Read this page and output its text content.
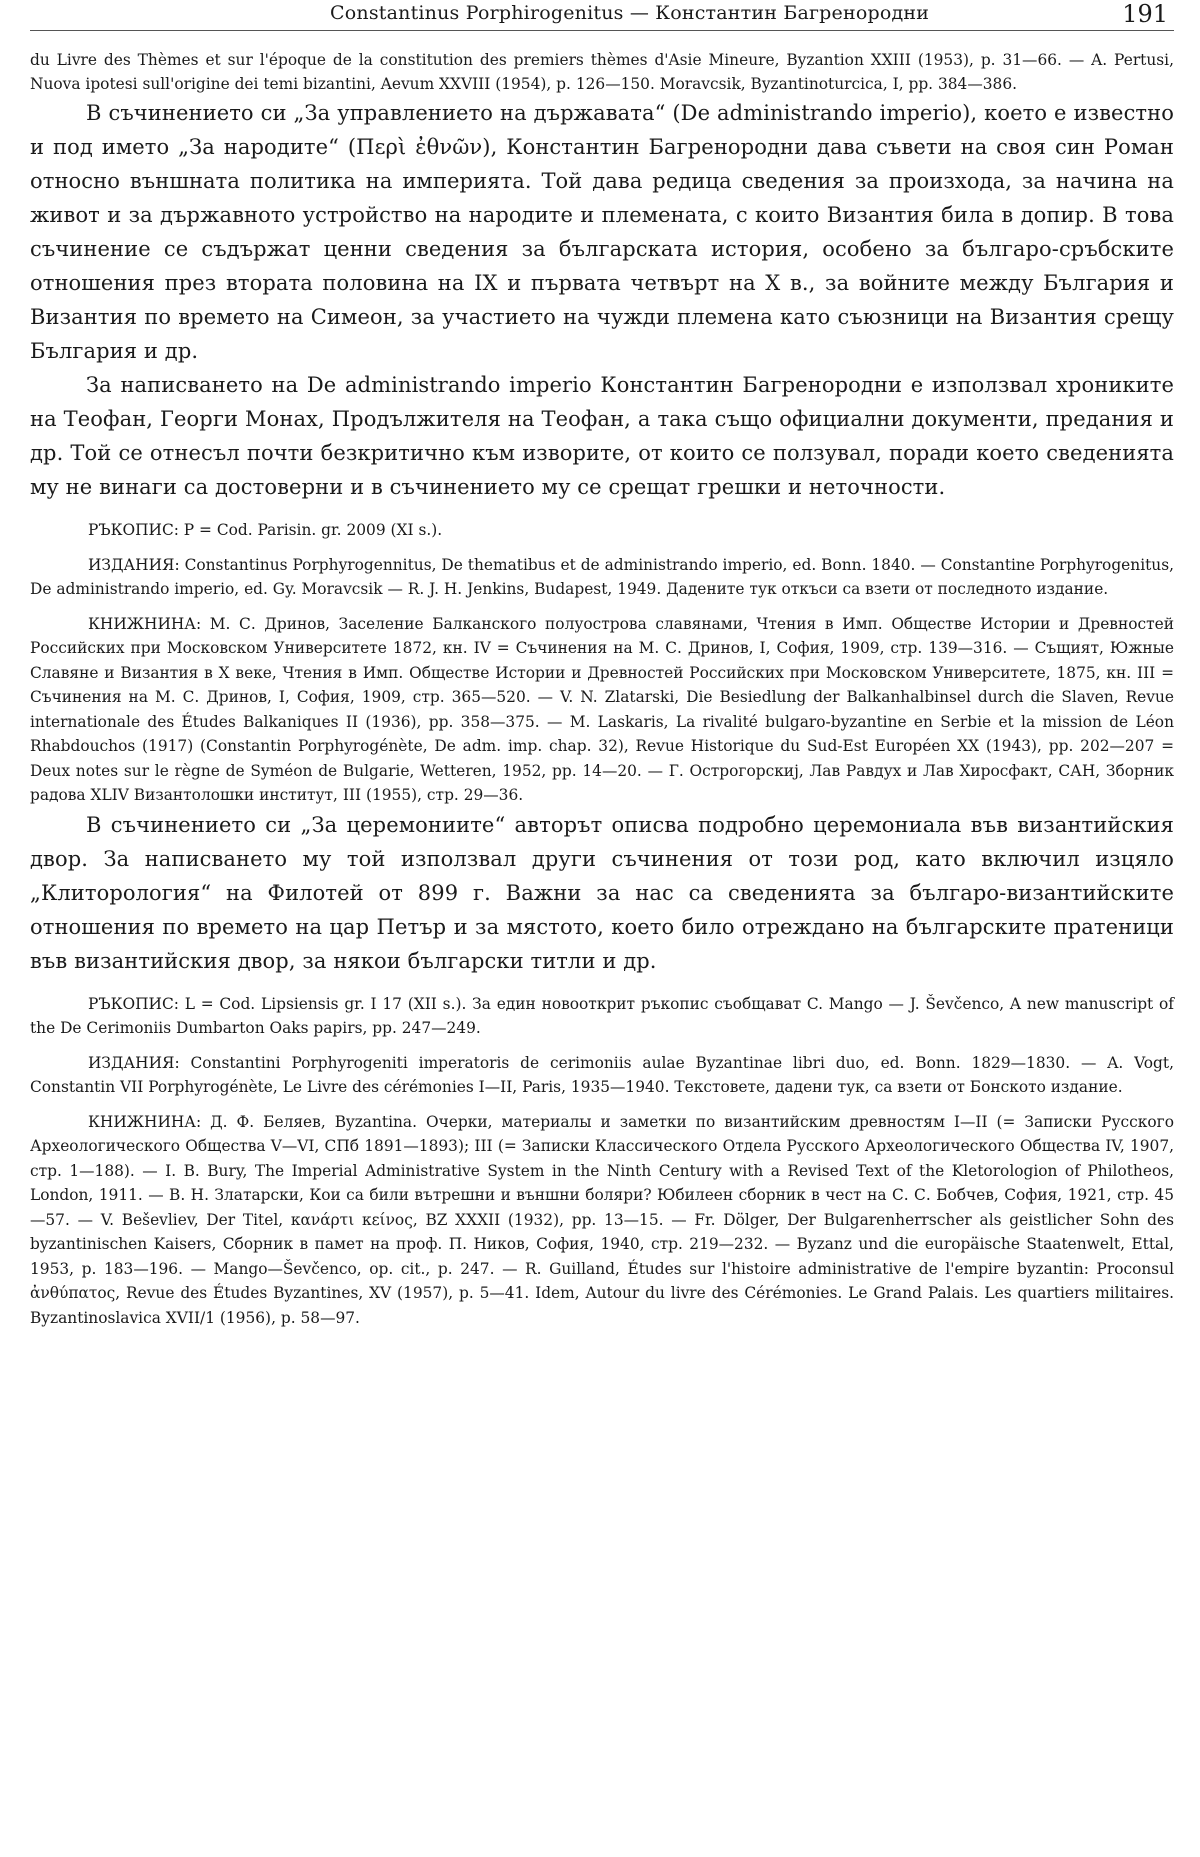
Constantinus Porphirogenitus — Константин Багренородни	191

du Livre des Thèmes et sur l'époque de la constitution des premiers thèmes d'Asie Mineure, Byzantion XXIII (1953), p. 31—66. — A. Pertusi, Nuova ipotesi sull'origine dei temi bizantini, Aevum XXVIII (1954), p. 126—150. Moravcsik, Byzantinoturcica, I, pp. 384—386.

В съчинението си „За управлението на държавата“ (De administrando imperio), което е известно и под името „За народите“ (Περὶ ἐθνῶν), Константин Багренородни дава съвети на своя син Роман относно външната политика на империята. Той дава редица сведения за произхода, за начина на живот и за държавното устройство на народите и племената, с които Византия била в допир. В това съчинение се съдържат ценни сведения за българската история, особено за българо-сръбските отношения през втората половина на IX и първата четвърт на X в., за войните между България и Византия по времето на Симеон, за участието на чужди племена като съюзници на Византия срещу България и др.

За написването на De administrando imperio Константин Багренородни е използвал хрониките на Теофан, Георги Монах, Продължителя на Теофан, а така също официални документи, предания и др. Той се отнесъл почти безкритично към изворите, от които се ползувал, поради което сведенията му не винаги са достоверни и в съчинението му се срещат грешки и неточности.

РЪКОПИС: P = Cod. Parisin. gr. 2009 (XI s.).

ИЗДАНИЯ: Constantinus Porphyrogennitus, De thematibus et de administrando imperio, ed. Bonn. 1840. — Constantine Porphyrogenitus, De administrando imperio, ed. Gy. Moravcsik — R. J. H. Jenkins, Budapest, 1949. Дадените тук откъси са взети от последното издание.

КНИЖНИНА: М. С. Дринов, Заселение Балканского полуострова славянами, Чтения в Имп. Обществе Истории и Древностей Российских при Московском Университете 1872, кн. IV = Съчинения на М. С. Дринов, I, София, 1909, стр. 139—316. — Същият, Южные Славяне и Византия в X веке, Чтения в Имп. Обществе Истории и Древностей Российских при Московском Университете, 1875, кн. III = Съчинения на М. С. Дринов, I, София, 1909, стр. 365—520. — V. N. Zlatarski, Die Besiedlung der Balkanhalbinsel durch die Slaven, Revue internationale des Études Balkaniques II (1936), pp. 358—375. — M. Laskaris, La rivalité bulgaro-byzantine en Serbie et la mission de Léon Rhabdouchos (1917) (Constantin Porphyrogénète, De adm. imp. chap. 32), Revue Historique du Sud-Est Européen XX (1943), pp. 202—207 = Deux notes sur le règne de Syméon de Bulgarie, Wetteren, 1952, pp. 14—20. — Г. Острогорскиј, Лав Равдух и Лав Хиросфакт, САН, Зборник радова XLIV Византолошки институт, III (1955), стр. 29—36.

В съчинението си „За церемониите“ авторът описва подробно церемониала във византийския двор. За написването му той използвал други съчинения от този род, като включил изцяло „Клиторология“ на Филотей от 899 г. Важни за нас са сведенията за българо-византийските отношения по времето на цар Петър и за мястото, което било отреждано на българските пратеници във византийския двор, за някои български титли и др.

РЪКОПИС: L = Cod. Lipsiensis gr. I 17 (XII s.). За един новооткрит ръкопис съобщават C. Mango — J. Ševčenco, A new manuscript of the De Cerimoniis Dumbarton Oaks papirs, pp. 247—249.

ИЗДАНИЯ: Constantini Porphyrogeniti imperatoris de cerimoniis aulae Byzantinae libri duo, ed. Bonn. 1829—1830. — A. Vogt, Constantin VII Porphyrogénète, Le Livre des cérémonies I—II, Paris, 1935—1940. Текстовете, дадени тук, са взети от Бонското издание.

КНИЖНИНА: Д. Ф. Беляев, Byzantina. Очерки, материалы и заметки по византийским древностям I—II (= Записки Русского Археологического Общества V—VI, СПб 1891—1893); III (= Записки Классического Отдела Русского Археологического Общества IV, 1907, стр. 1—188). — I. B. Bury, The Imperial Administrative System in the Ninth Century with a Revised Text of the Kletorologion of Philotheos, London, 1911. — В. Н. Златарски, Кои са били вътрешни и външни боляри? Юбилеен сборник в чест на С. С. Бобчев, София, 1921, стр. 45—57. — V. Beševliev, Der Titel, κανάρτι κείνος, BZ XXXII (1932), pp. 13—15. — Fr. Dölger, Der Bulgarenherrscher als geistlicher Sohn des byzantinischen Kaisers, Сборник в памет на проф. П. Ников, София, 1940, стр. 219—232. — Byzanz und die europäische Staatenwelt, Ettal, 1953, p. 183—196. — Mango—Ševčenco, op. cit., p. 247. — R. Guilland, Études sur l'histoire administrative de l'empire byzantin: Proconsul ἀνθύπατος, Revue des Études Byzantines, XV (1957), p. 5—41. Idem, Autour du livre des Cérémonies. Le Grand Palais. Les quartiers militaires. Byzantinoslavica XVII/1 (1956), p. 58—97.
